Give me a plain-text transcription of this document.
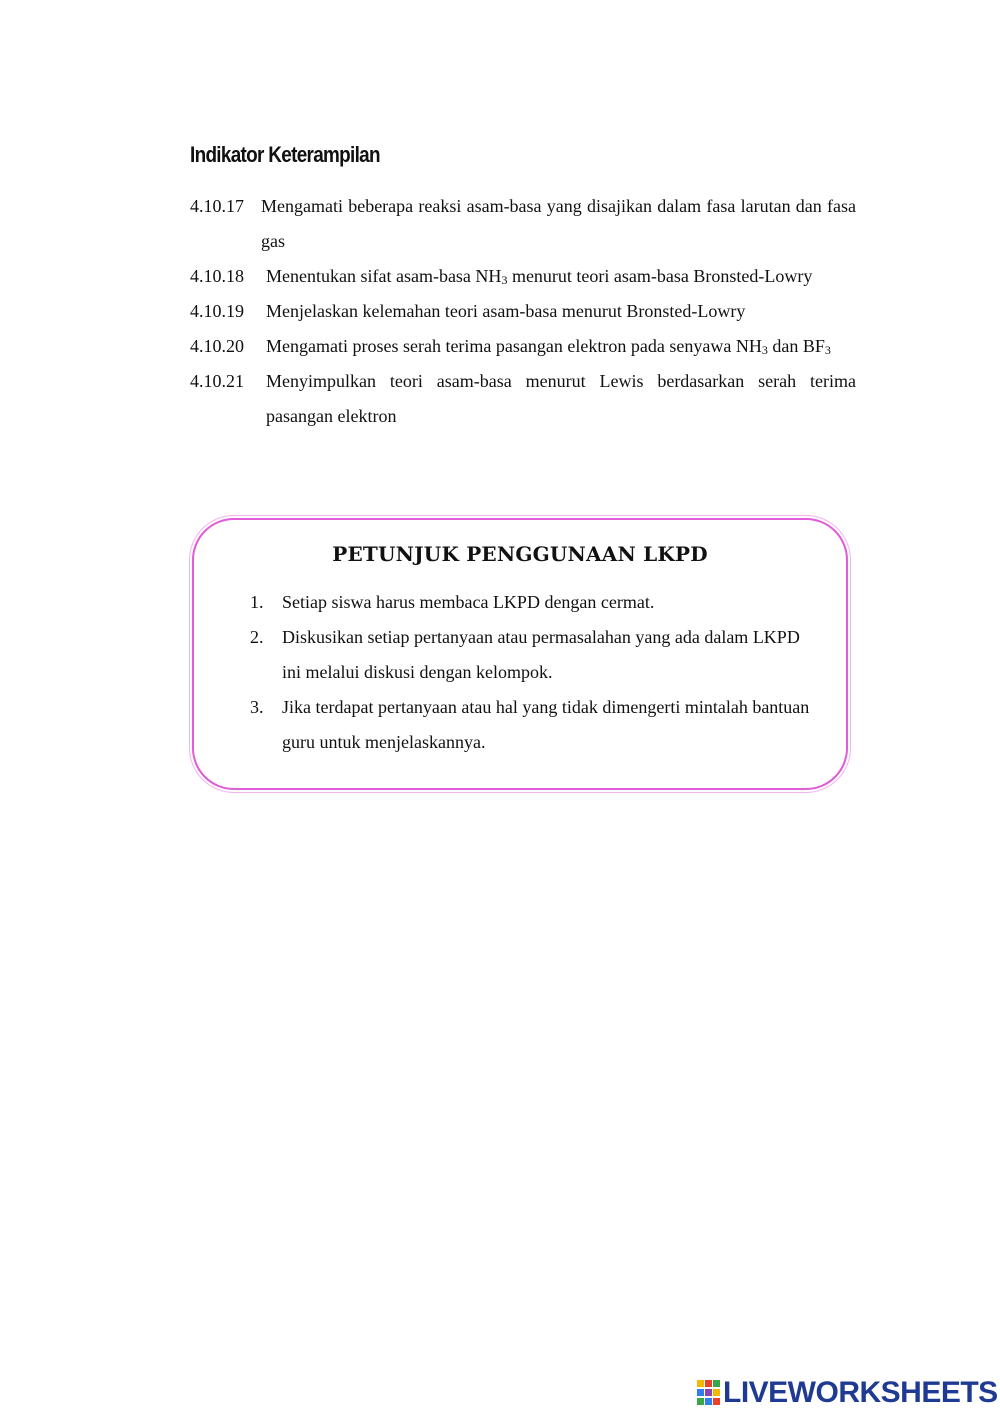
Indikator Keterampilan
4.10.17 Mengamati beberapa reaksi asam-basa yang disajikan dalam fasa larutan dan fasa gas
4.10.18	Menentukan sifat asam-basa $NH_3$ menurut teori asam-basa Bronsted-Lowry
4.10.19	Menjelaskan kelemahan teori asam-basa menurut Bronsted-Lowry
4.10.20	Mengamati proses serah terima pasangan elektron pada senyawa $NH_3$ dan $BF_3$
4.10.21	Menyimpulkan teori asam-basa menurut Lewis berdasarkan serah terima pasangan elektron
PETUNJUK PENGGUNAAN LKPD
1.	Setiap siswa harus membaca LKPD dengan cermat.
2.	Diskusikan setiap pertanyaan atau permasalahan yang ada dalam LKPD ini melalui diskusi dengan kelompok.
3.	Jika terdapat pertanyaan atau hal yang tidak dimengerti mintalah bantuan guru untuk menjelaskannya.
LIVEWORKSHEETS
